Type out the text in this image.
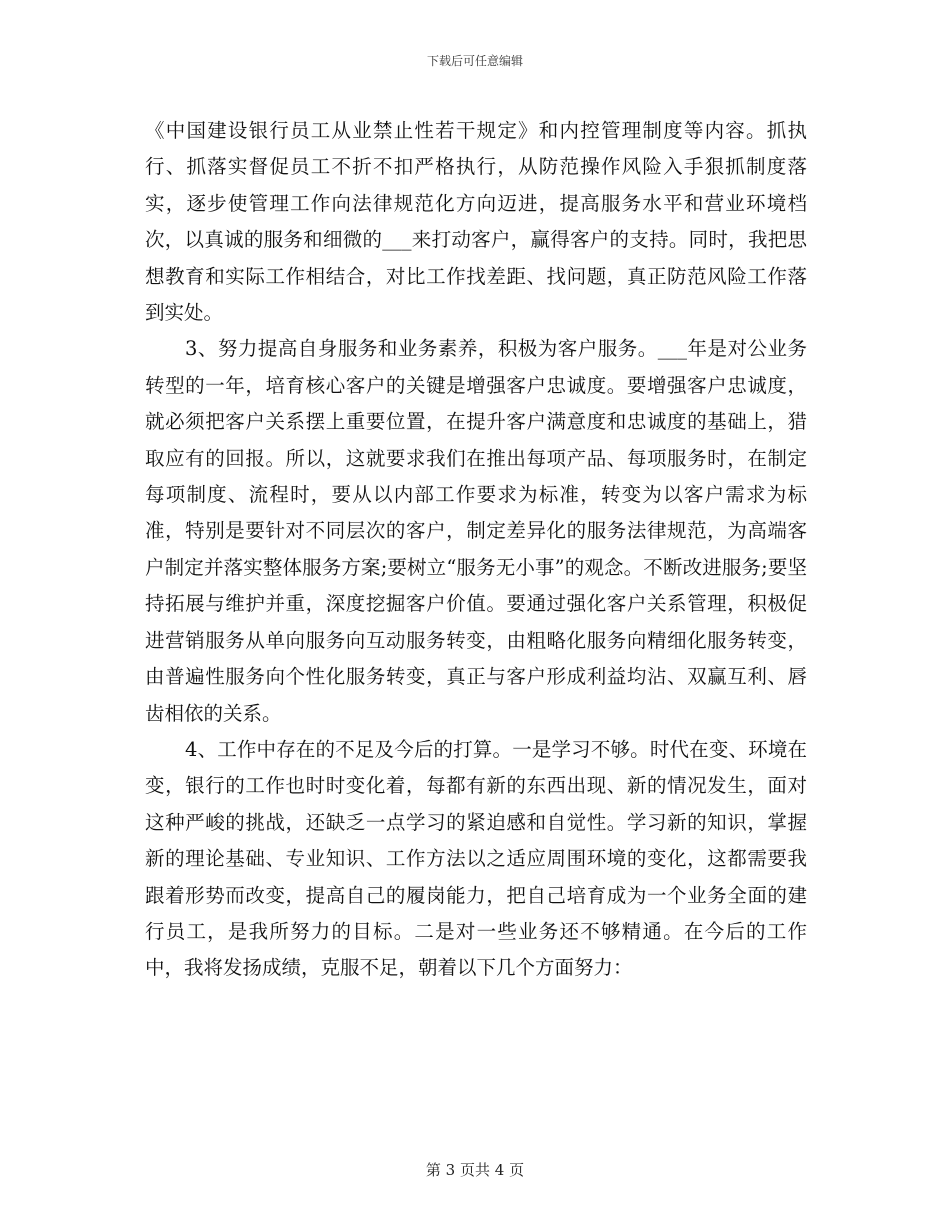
下载后可任意编辑

《中国建设银行员工从业禁止性若干规定》和内控管理制度等内容。抓执行、抓落实督促员工不折不扣严格执行，从防范操作风险入手狠抓制度落实，逐步使管理工作向法律规范化方向迈进，提高服务水平和营业环境档次，以真诚的服务和细微的___来打动客户，赢得客户的支持。同时，我把思想教育和实际工作相结合，对比工作找差距、找问题，真正防范风险工作落到实处。

3、努力提高自身服务和业务素养，积极为客户服务。___年是对公业务转型的一年，培育核心客户的关键是增强客户忠诚度。要增强客户忠诚度，就必须把客户关系摆上重要位置，在提升客户满意度和忠诚度的基础上，猎取应有的回报。所以，这就要求我们在推出每项产品、每项服务时，在制定每项制度、流程时，要从以内部工作要求为标准，转变为以客户需求为标准，特别是要针对不同层次的客户，制定差异化的服务法律规范，为高端客户制定并落实整体服务方案;要树立“服务无小事”的观念。不断改进服务;要坚持拓展与维护并重，深度挖掘客户价值。要通过强化客户关系管理，积极促进营销服务从单向服务向互动服务转变，由粗略化服务向精细化服务转变，由普遍性服务向个性化服务转变，真正与客户形成利益均沾、双赢互利、唇齿相依的关系。

4、工作中存在的不足及今后的打算。一是学习不够。时代在变、环境在变，银行的工作也时时变化着，每都有新的东西出现、新的情况发生，面对这种严峻的挑战，还缺乏一点学习的紧迫感和自觉性。学习新的知识，掌握新的理论基础、专业知识、工作方法以之适应周围环境的变化，这都需要我跟着形势而改变，提高自己的履岗能力，把自己培育成为一个业务全面的建行员工，是我所努力的目标。二是对一些业务还不够精通。在今后的工作中，我将发扬成绩，克服不足，朝着以下几个方面努力：

第 3 页共 4 页
